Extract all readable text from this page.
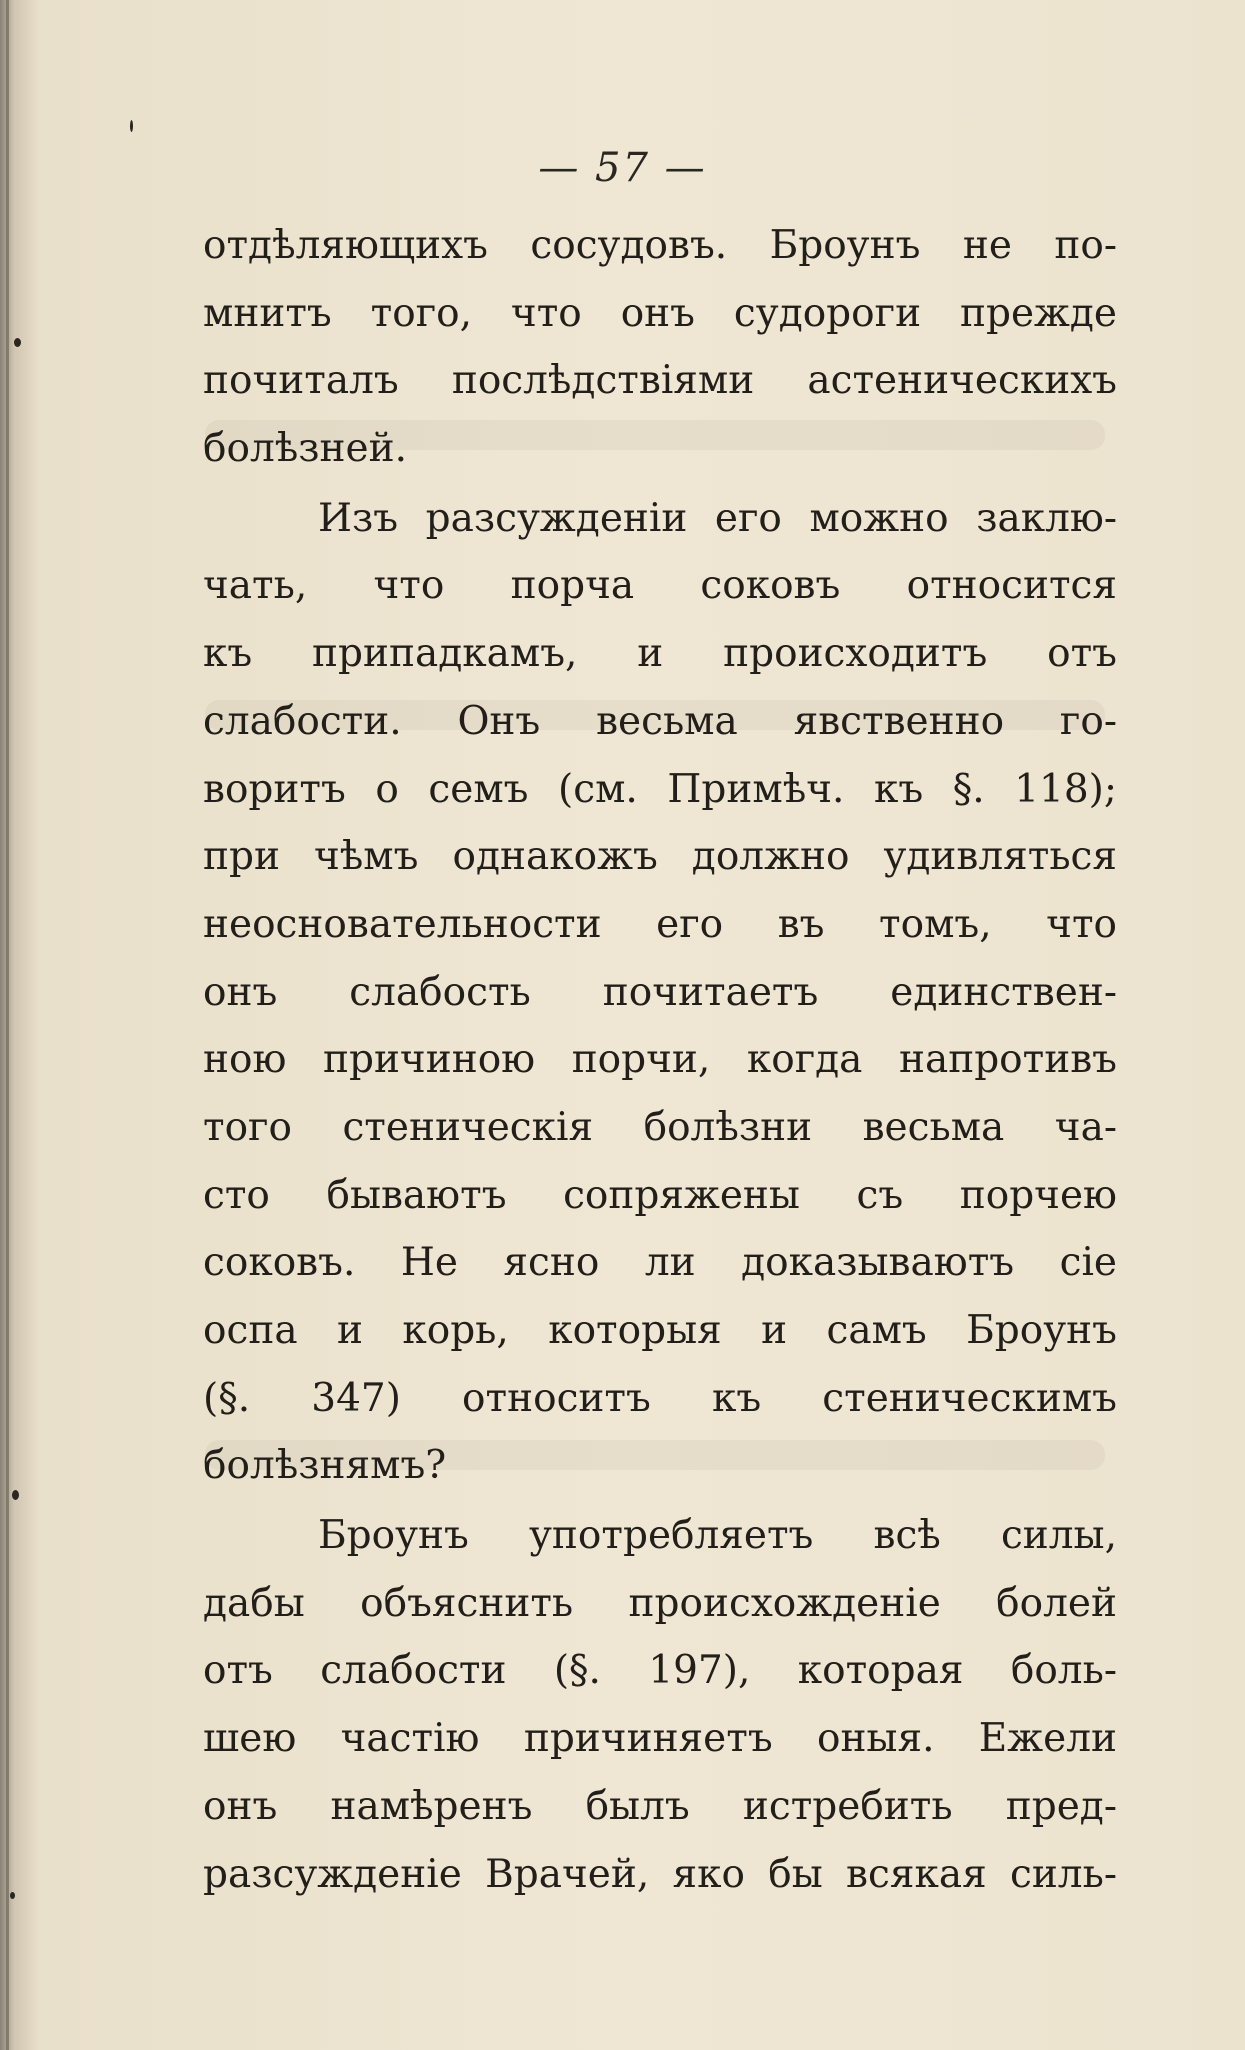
— 57 —
отдѣляющихъ сосудовъ. Броунъ не по-
мнитъ того, что онъ судороги прежде
почиталъ послѣдствіями астеническихъ
болѣзней.
Изъ разсужденіи его можно заклю-
чать, что порча соковъ относится
къ припадкамъ, и происходитъ отъ
слабости. Онъ весьма явственно го-
воритъ о семъ (см. Примѣч. къ §. 118);
при чѣмъ однакожъ должно удивляться
неосновательности его въ томъ, что
онъ слабость почитаетъ единствен-
ною причиною порчи, когда напротивъ
того стеническія болѣзни весьма ча-
сто бываютъ сопряжены съ порчею
соковъ. Не ясно ли доказываютъ сіе
оспа и корь, которыя и самъ Броунъ
(§. 347) относитъ къ стеническимъ
болѣзнямъ?
Броунъ употребляетъ всѣ силы,
дабы объяснить происхожденіе болей
отъ слабости (§. 197), которая боль-
шею частію причиняетъ оныя. Ежели
онъ намѣренъ былъ истребить пред-
разсужденіе Врачей, яко бы всякая силь-
